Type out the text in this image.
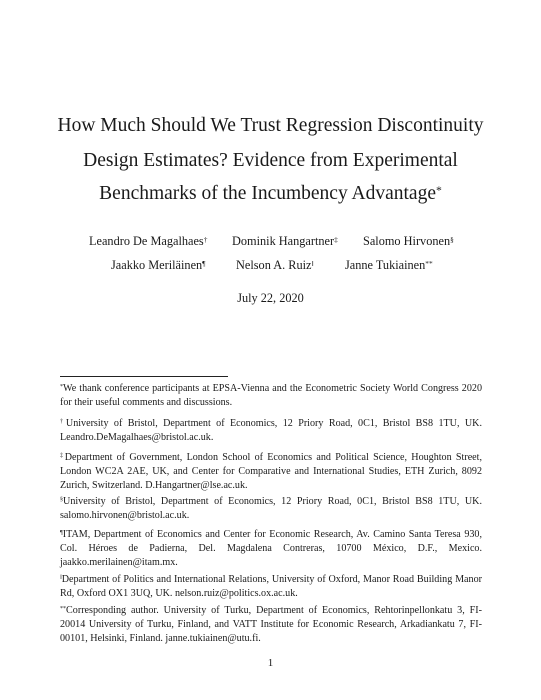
How Much Should We Trust Regression Discontinuity
Design Estimates? Evidence from Experimental
Benchmarks of the Incumbency Advantage*
Leandro De Magalhaes† Dominik Hangartner‡ Salomo Hirvonen§
Jaakko Meriläinen¶ Nelson A. Ruiz‖	Janne Tukiainen**
July 22, 2020
*We thank conference participants at EPSA-Vienna and the Econometric Society World Congress 2020 for their useful comments and discussions.
†University of Bristol, Department of Economics, 12 Priory Road, 0C1, Bristol BS8 1TU, UK. Leandro.DeMagalhaes@bristol.ac.uk.
‡Department of Government, London School of Economics and Political Science, Houghton Street, London WC2A 2AE, UK, and Center for Comparative and International Studies, ETH Zurich, 8092 Zurich, Switzerland. D.Hangartner@lse.ac.uk.
§University of Bristol, Department of Economics, 12 Priory Road, 0C1, Bristol BS8 1TU, UK. salomo.hirvonen@bristol.ac.uk.
¶ITAM, Department of Economics and Center for Economic Research, Av. Camino Santa Teresa 930, Col. Héroes de Padierna, Del. Magdalena Contreras, 10700 México, D.F., Mexico. jaakko.merilainen@itam.mx.
‖Department of Politics and International Relations, University of Oxford, Manor Road Building Manor Rd, Oxford OX1 3UQ, UK. nelson.ruiz@politics.ox.ac.uk.
**Corresponding author. University of Turku, Department of Economics, Rehtorinpellonkatu 3, FI-20014 University of Turku, Finland, and VATT Institute for Economic Research, Arkadiankatu 7, FI-00101, Helsinki, Finland. janne.tukiainen@utu.fi.
1
